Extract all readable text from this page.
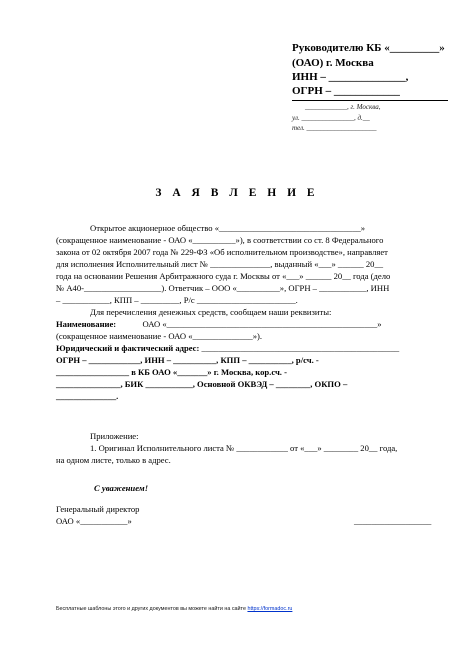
Руководителю КБ «_________»
(ОАО) г. Москва
ИНН – ______________,
ОГРН – ____________
____________, г. Москва,
ул. _______________, д.__
тел. ____________________
З А Я В Л Е Н И Е
Открытое акционерное общество «_________________________________»
(сокращенное наименование - ОАО «__________»), в соответствии со ст. 8 Федерального
закона от 02 октября 2007 года № 229-ФЗ «Об исполнительном производстве», направляет
для исполнения Исполнительный лист № ______________, выданный «___» ______ 20__
года на основании Решения Арбитражного суда г. Москвы от «___» ______ 20__ года (дело
№ А40-__________________). Ответчик – ООО «__________», ОГРН – ___________, ИНН
– ___________, КПП – _________, Р/с _______________________.
Для перечисления денежных средств, сообщаем наши реквизиты:
Наименование:	ОАО «_________________________________________________»
(сокращенное наименование - ОАО «______________»).
Юридический и фактический адрес: ______________________________________________
ОГРН – ____________, ИНН – __________, КПП – __________, р/сч. -
_________________ в КБ ОАО «_______» г. Москва, кор.сч. -
_______________, БИК ___________, Основной ОКВЭД – ________, ОКПО –
______________.
Приложение:
1. Оригинал Исполнительного листа № ____________ от «___» ________ 20__ года,
на одном листе, только в адрес.
С уважением!
Генеральный директор
ОАО «___________»	__________________
Бесплатные шаблоны этого и других документов вы можете найти на сайте https://formadoc.ru
